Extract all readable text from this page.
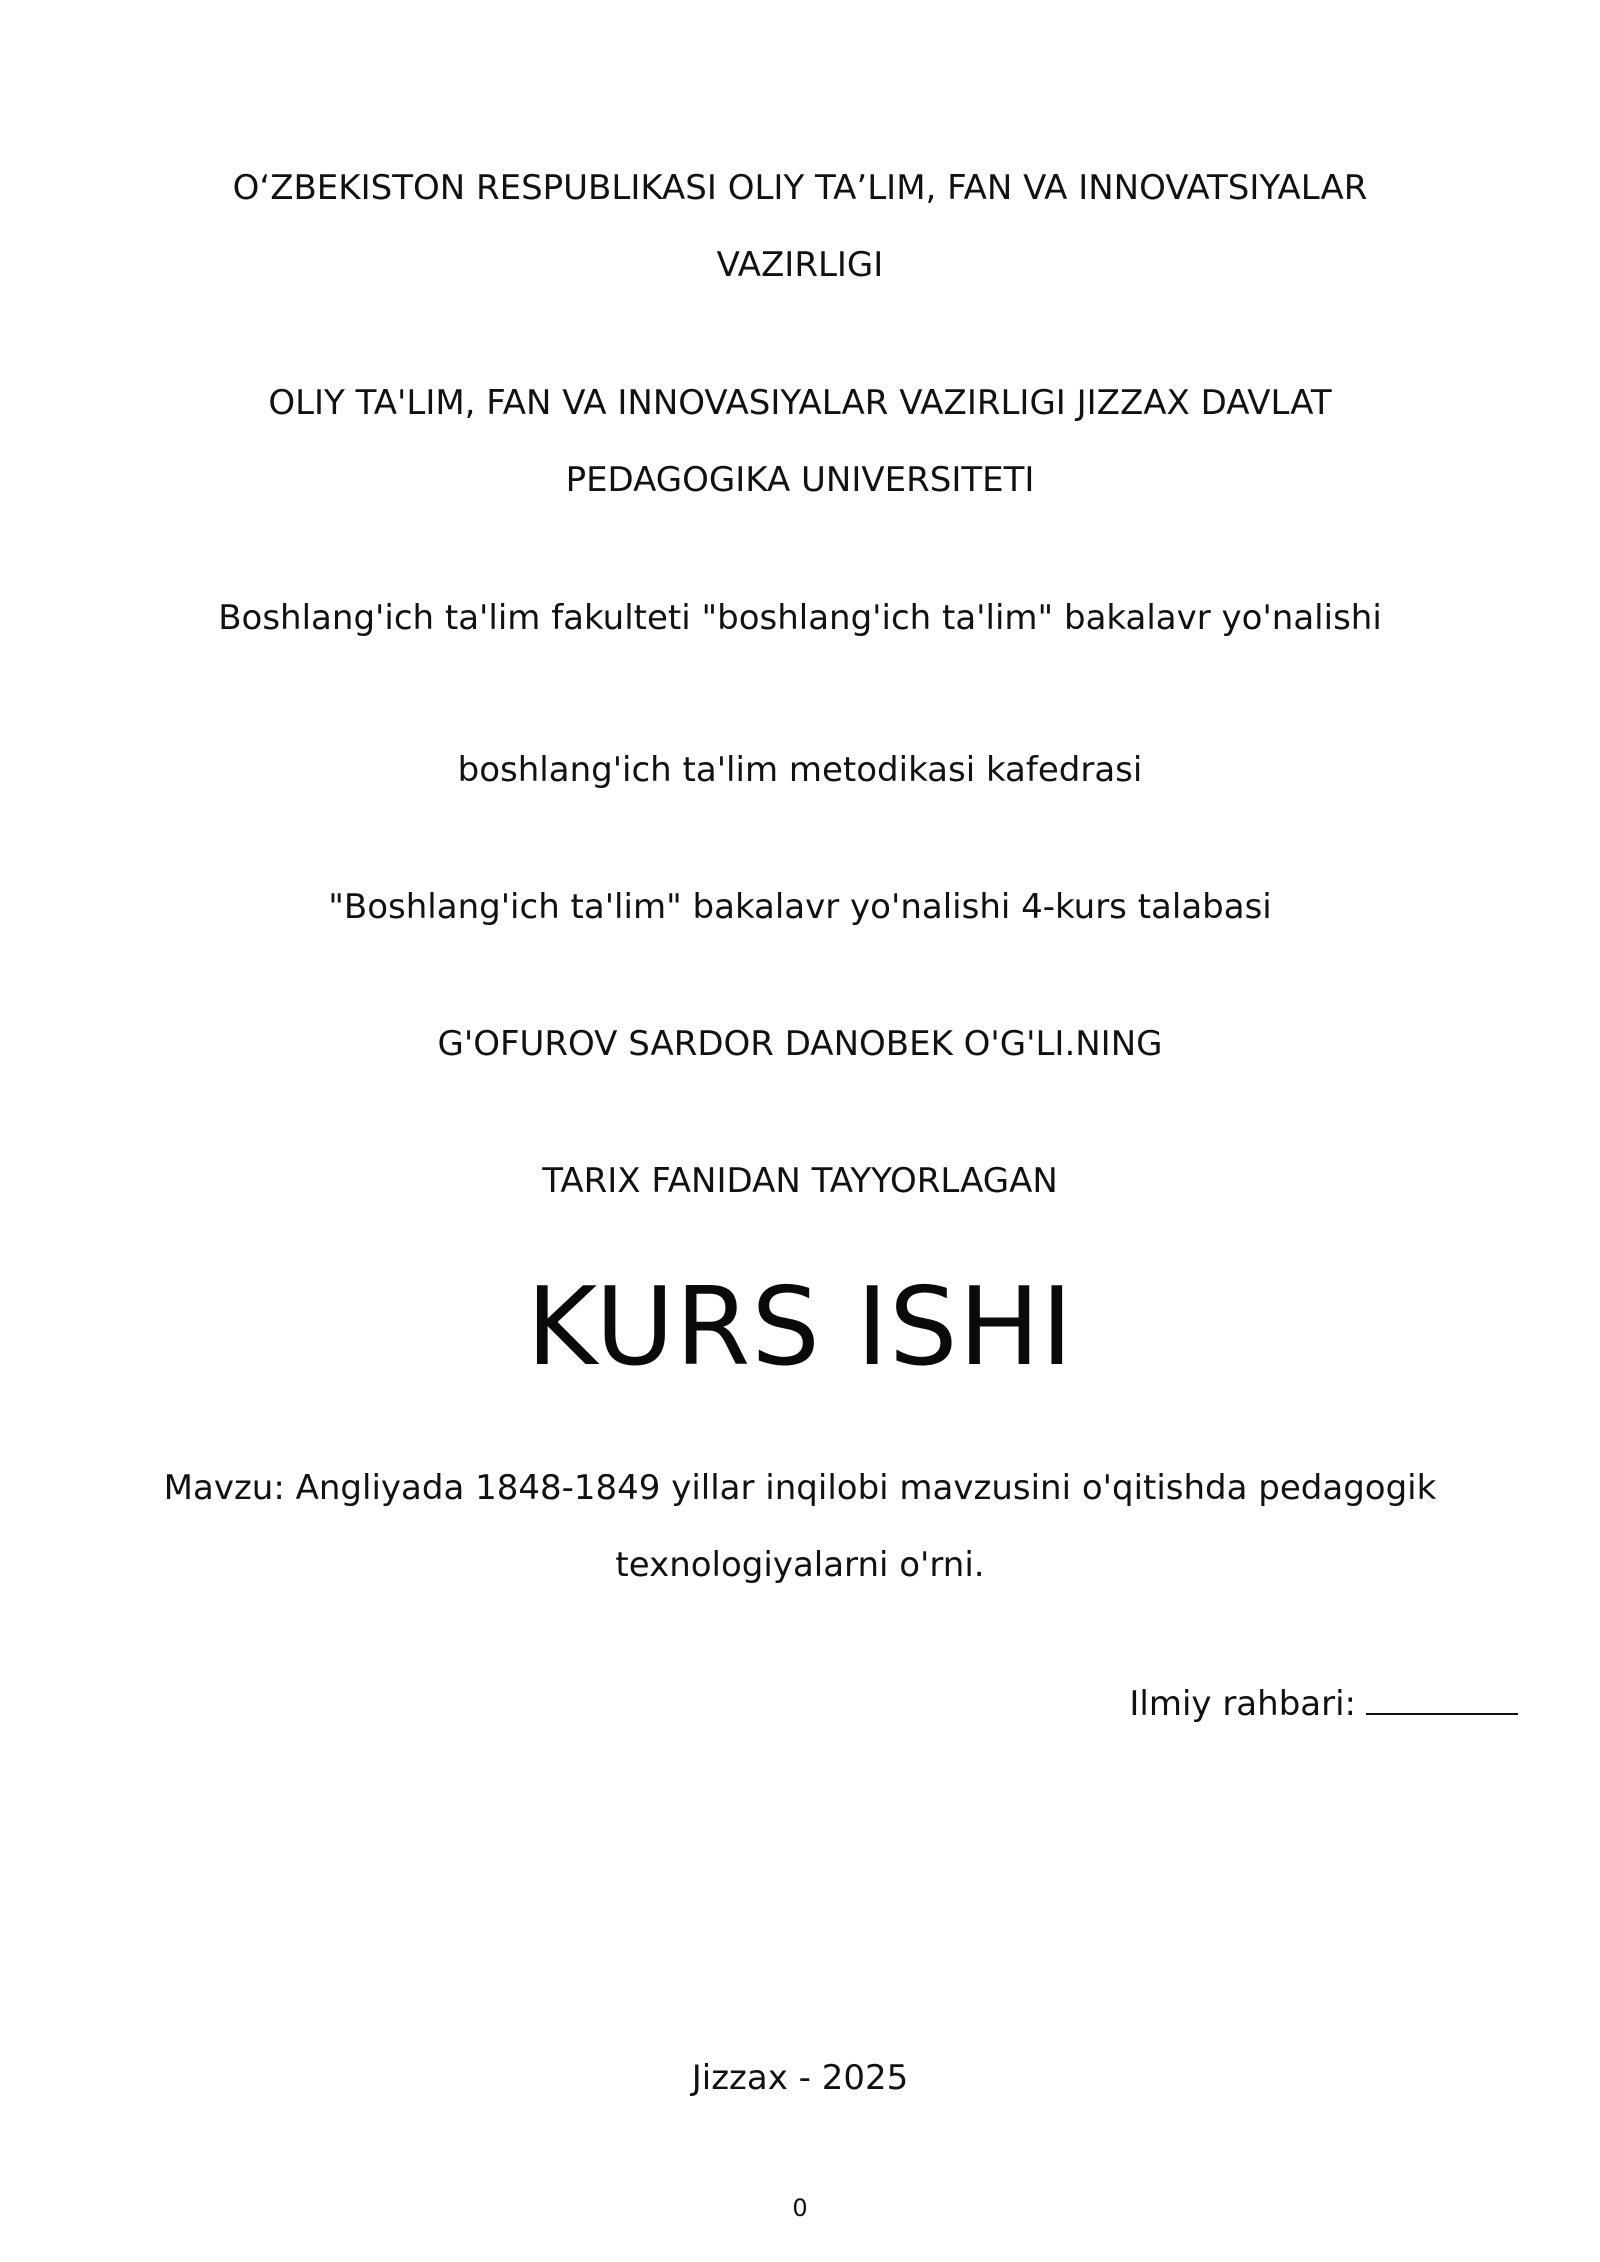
O‘ZBEKISTON RESPUBLIKASI OLIY TA’LIM, FAN VA INNOVATSIYALAR
VAZIRLIGI
OLIY TA'LIM, FAN VA INNOVASIYALAR VAZIRLIGI JIZZAX DAVLAT
PEDAGOGIKA UNIVERSITETI
Boshlang'ich ta'lim fakulteti "boshlang'ich ta'lim" bakalavr yo'nalishi
boshlang'ich ta'lim metodikasi kafedrasi
"Boshlang'ich ta'lim" bakalavr yo'nalishi 4-kurs talabasi
G'OFUROV SARDOR DANOBEK O'G'LI.NING
TARIX FANIDAN TAYYORLAGAN
KURS ISHI
Mavzu: Angliyada 1848-1849 yillar inqilobi mavzusini o'qitishda pedagogik
texnologiyalarni o'rni.
Ilmiy rahbari:
Jizzax - 2025
0
